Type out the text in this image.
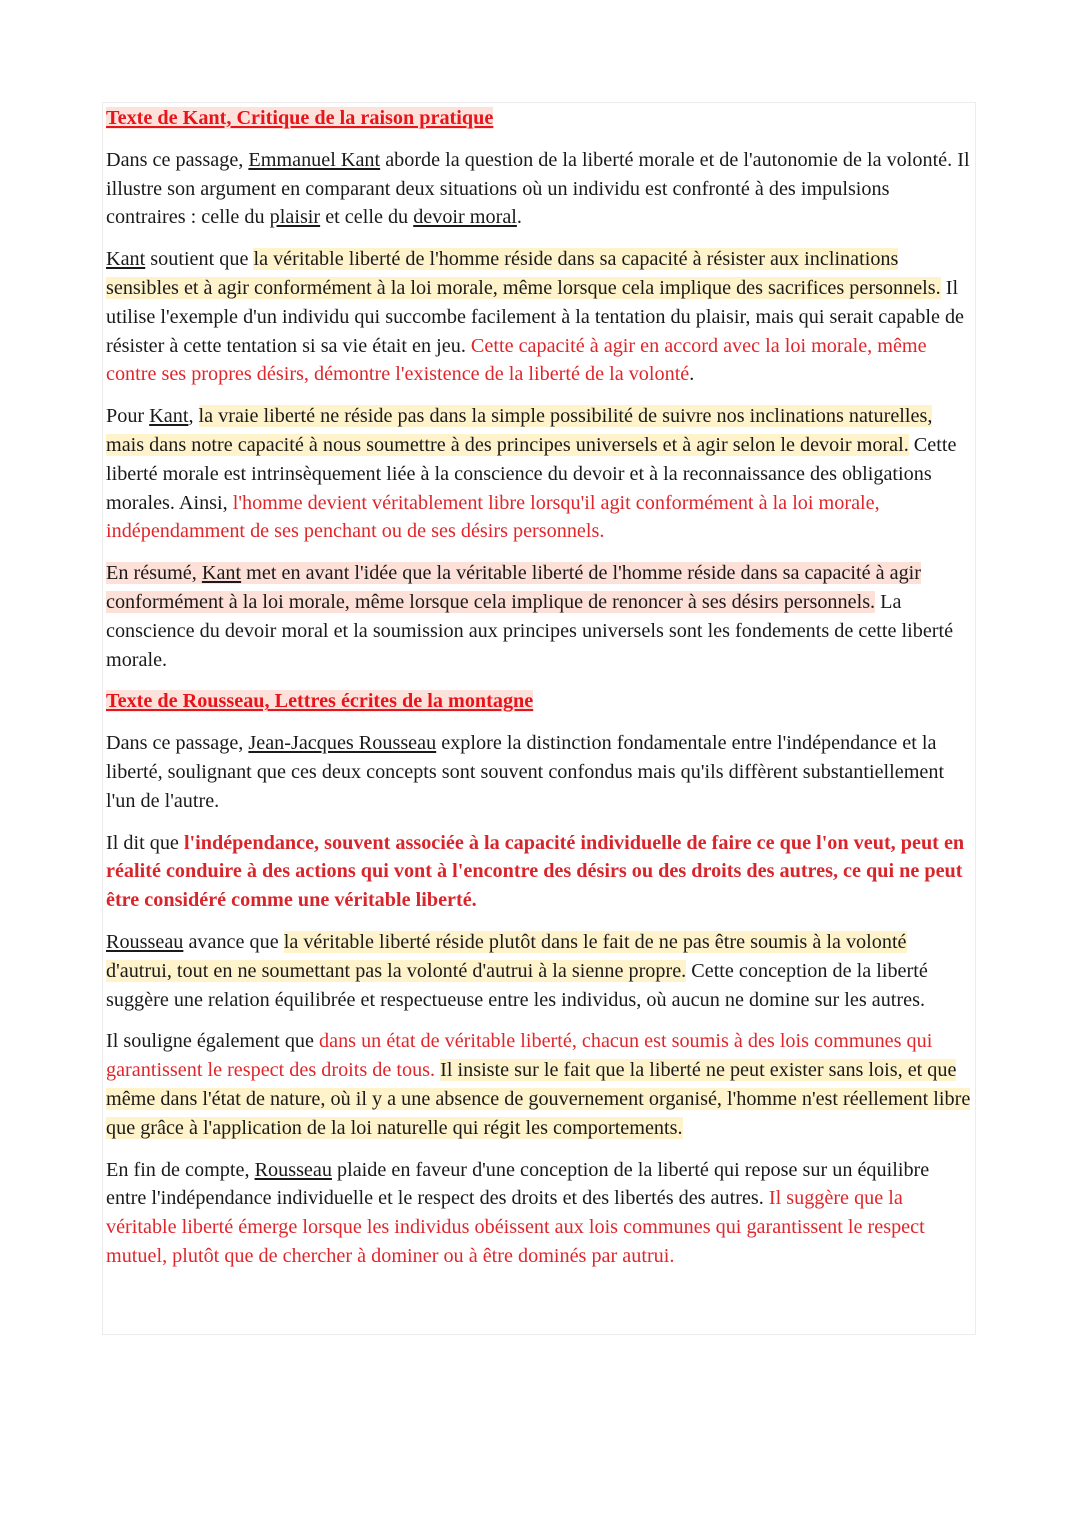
Texte de Kant, Critique de la raison pratique

Dans ce passage, Emmanuel Kant aborde la question de la liberté morale et de l'autonomie de la volonté. Il illustre son argument en comparant deux situations où un individu est confronté à des impulsions contraires : celle du plaisir et celle du devoir moral.

Kant soutient que la véritable liberté de l'homme réside dans sa capacité à résister aux inclinations sensibles et à agir conformément à la loi morale, même lorsque cela implique des sacrifices personnels. Il utilise l'exemple d'un individu qui succombe facilement à la tentation du plaisir, mais qui serait capable de résister à cette tentation si sa vie était en jeu. Cette capacité à agir en accord avec la loi morale, même contre ses propres désirs, démontre l'existence de la liberté de la volonté.

Pour Kant, la vraie liberté ne réside pas dans la simple possibilité de suivre nos inclinations naturelles, mais dans notre capacité à nous soumettre à des principes universels et à agir selon le devoir moral. Cette liberté morale est intrinsèquement liée à la conscience du devoir et à la reconnaissance des obligations morales. Ainsi, l'homme devient véritablement libre lorsqu'il agit conformément à la loi morale, indépendamment de ses penchant ou de ses désirs personnels.

En résumé, Kant met en avant l'idée que la véritable liberté de l'homme réside dans sa capacité à agir conformément à la loi morale, même lorsque cela implique de renoncer à ses désirs personnels. La conscience du devoir moral et la soumission aux principes universels sont les fondements de cette liberté morale.

Texte de Rousseau, Lettres écrites de la montagne

Dans ce passage, Jean-Jacques Rousseau explore la distinction fondamentale entre l'indépendance et la liberté, soulignant que ces deux concepts sont souvent confondus mais qu'ils diffèrent substantiellement l'un de l'autre.

Il dit que l'indépendance, souvent associée à la capacité individuelle de faire ce que l'on veut, peut en réalité conduire à des actions qui vont à l'encontre des désirs ou des droits des autres, ce qui ne peut être considéré comme une véritable liberté.

Rousseau avance que la véritable liberté réside plutôt dans le fait de ne pas être soumis à la volonté d'autrui, tout en ne soumettant pas la volonté d'autrui à la sienne propre. Cette conception de la liberté suggère une relation équilibrée et respectueuse entre les individus, où aucun ne domine sur les autres.

Il souligne également que dans un état de véritable liberté, chacun est soumis à des lois communes qui garantissent le respect des droits de tous. Il insiste sur le fait que la liberté ne peut exister sans lois, et que même dans l'état de nature, où il y a une absence de gouvernement organisé, l'homme n'est réellement libre que grâce à l'application de la loi naturelle qui régit les comportements.

En fin de compte, Rousseau plaide en faveur d'une conception de la liberté qui repose sur un équilibre entre l'indépendance individuelle et le respect des droits et des libertés des autres. Il suggère que la véritable liberté émerge lorsque les individus obéissent aux lois communes qui garantissent le respect mutuel, plutôt que de chercher à dominer ou à être dominés par autrui.
